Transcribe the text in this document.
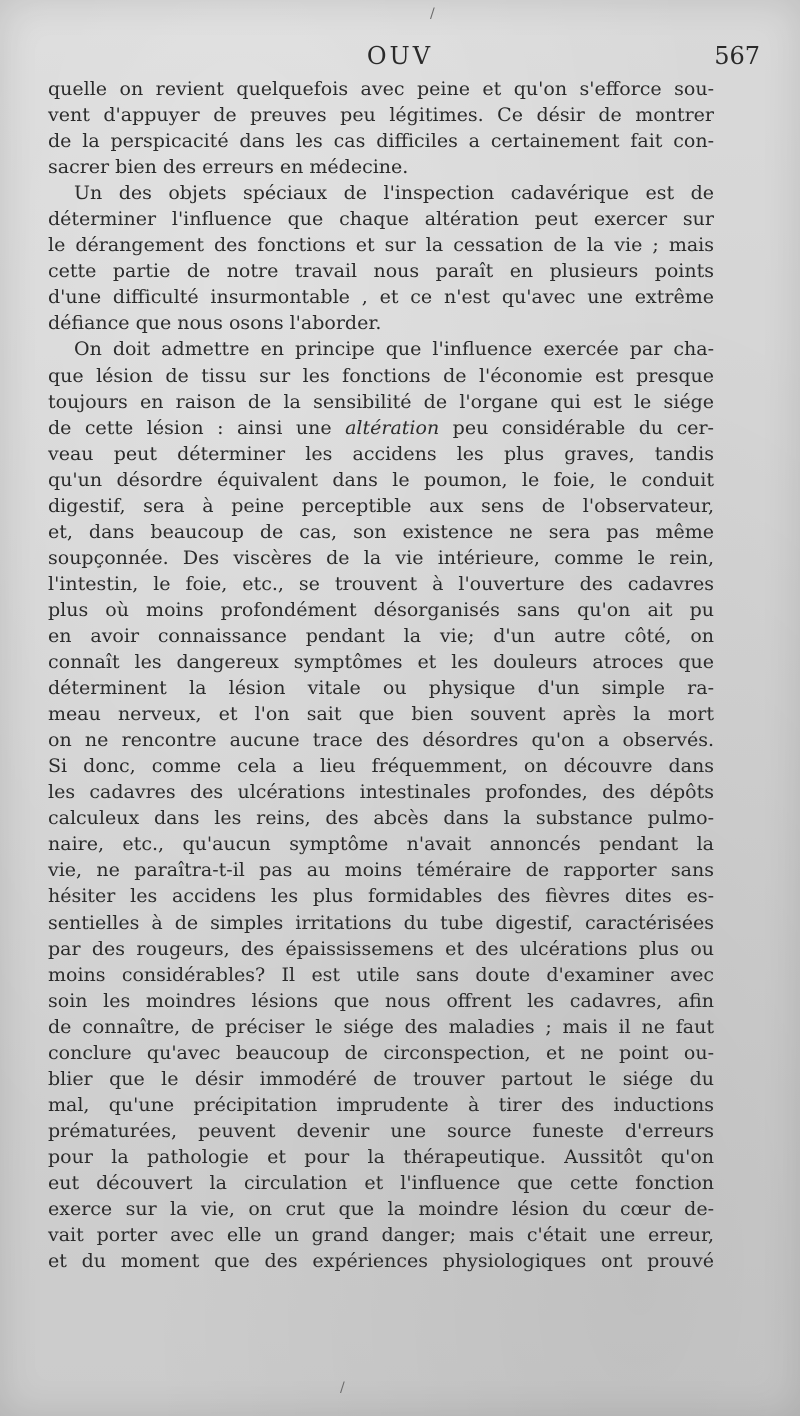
OUV	567
quelle on revient quelquefois avec peine et qu'on s'efforce sou-
vent d'appuyer de preuves peu légitimes. Ce désir de montrer
de la perspicacité dans les cas difficiles a certainement fait con-
sacrer bien des erreurs en médecine.
Un des objets spéciaux de l'inspection cadavérique est de
déterminer l'influence que chaque altération peut exercer sur
le dérangement des fonctions et sur la cessation de la vie ; mais
cette partie de notre travail nous paraît en plusieurs points
d'une difficulté insurmontable , et ce n'est qu'avec une extrême
défiance que nous osons l'aborder.
On doit admettre en principe que l'influence exercée par cha-
que lésion de tissu sur les fonctions de l'économie est presque
toujours en raison de la sensibilité de l'organe qui est le siége
de cette lésion : ainsi une altération peu considérable du cer-
veau peut déterminer les accidens les plus graves, tandis
qu'un désordre équivalent dans le poumon, le foie, le conduit
digestif, sera à peine perceptible aux sens de l'observateur,
et, dans beaucoup de cas, son existence ne sera pas même
soupçonnée. Des viscères de la vie intérieure, comme le rein,
l'intestin, le foie, etc., se trouvent à l'ouverture des cadavres
plus où moins profondément désorganisés sans qu'on ait pu
en avoir connaissance pendant la vie; d'un autre côté, on
connaît les dangereux symptômes et les douleurs atroces que
déterminent la lésion vitale ou physique d'un simple ra-
meau nerveux, et l'on sait que bien souvent après la mort
on ne rencontre aucune trace des désordres qu'on a observés.
Si donc, comme cela a lieu fréquemment, on découvre dans
les cadavres des ulcérations intestinales profondes, des dépôts
calculeux dans les reins, des abcès dans la substance pulmo-
naire, etc., qu'aucun symptôme n'avait annoncés pendant la
vie, ne paraîtra-t-il pas au moins téméraire de rapporter sans
hésiter les accidens les plus formidables des fièvres dites es-
sentielles à de simples irritations du tube digestif, caractérisées
par des rougeurs, des épaississemens et des ulcérations plus ou
moins considérables? Il est utile sans doute d'examiner avec
soin les moindres lésions que nous offrent les cadavres, afin
de connaître, de préciser le siége des maladies ; mais il ne faut
conclure qu'avec beaucoup de circonspection, et ne point ou-
blier que le désir immodéré de trouver partout le siége du
mal, qu'une précipitation imprudente à tirer des inductions
prématurées, peuvent devenir une source funeste d'erreurs
pour la pathologie et pour la thérapeutique. Aussitôt qu'on
eut découvert la circulation et l'influence que cette fonction
exerce sur la vie, on crut que la moindre lésion du cœur de-
vait porter avec elle un grand danger; mais c'était une erreur,
et du moment que des expériences physiologiques ont prouvé
/
/
